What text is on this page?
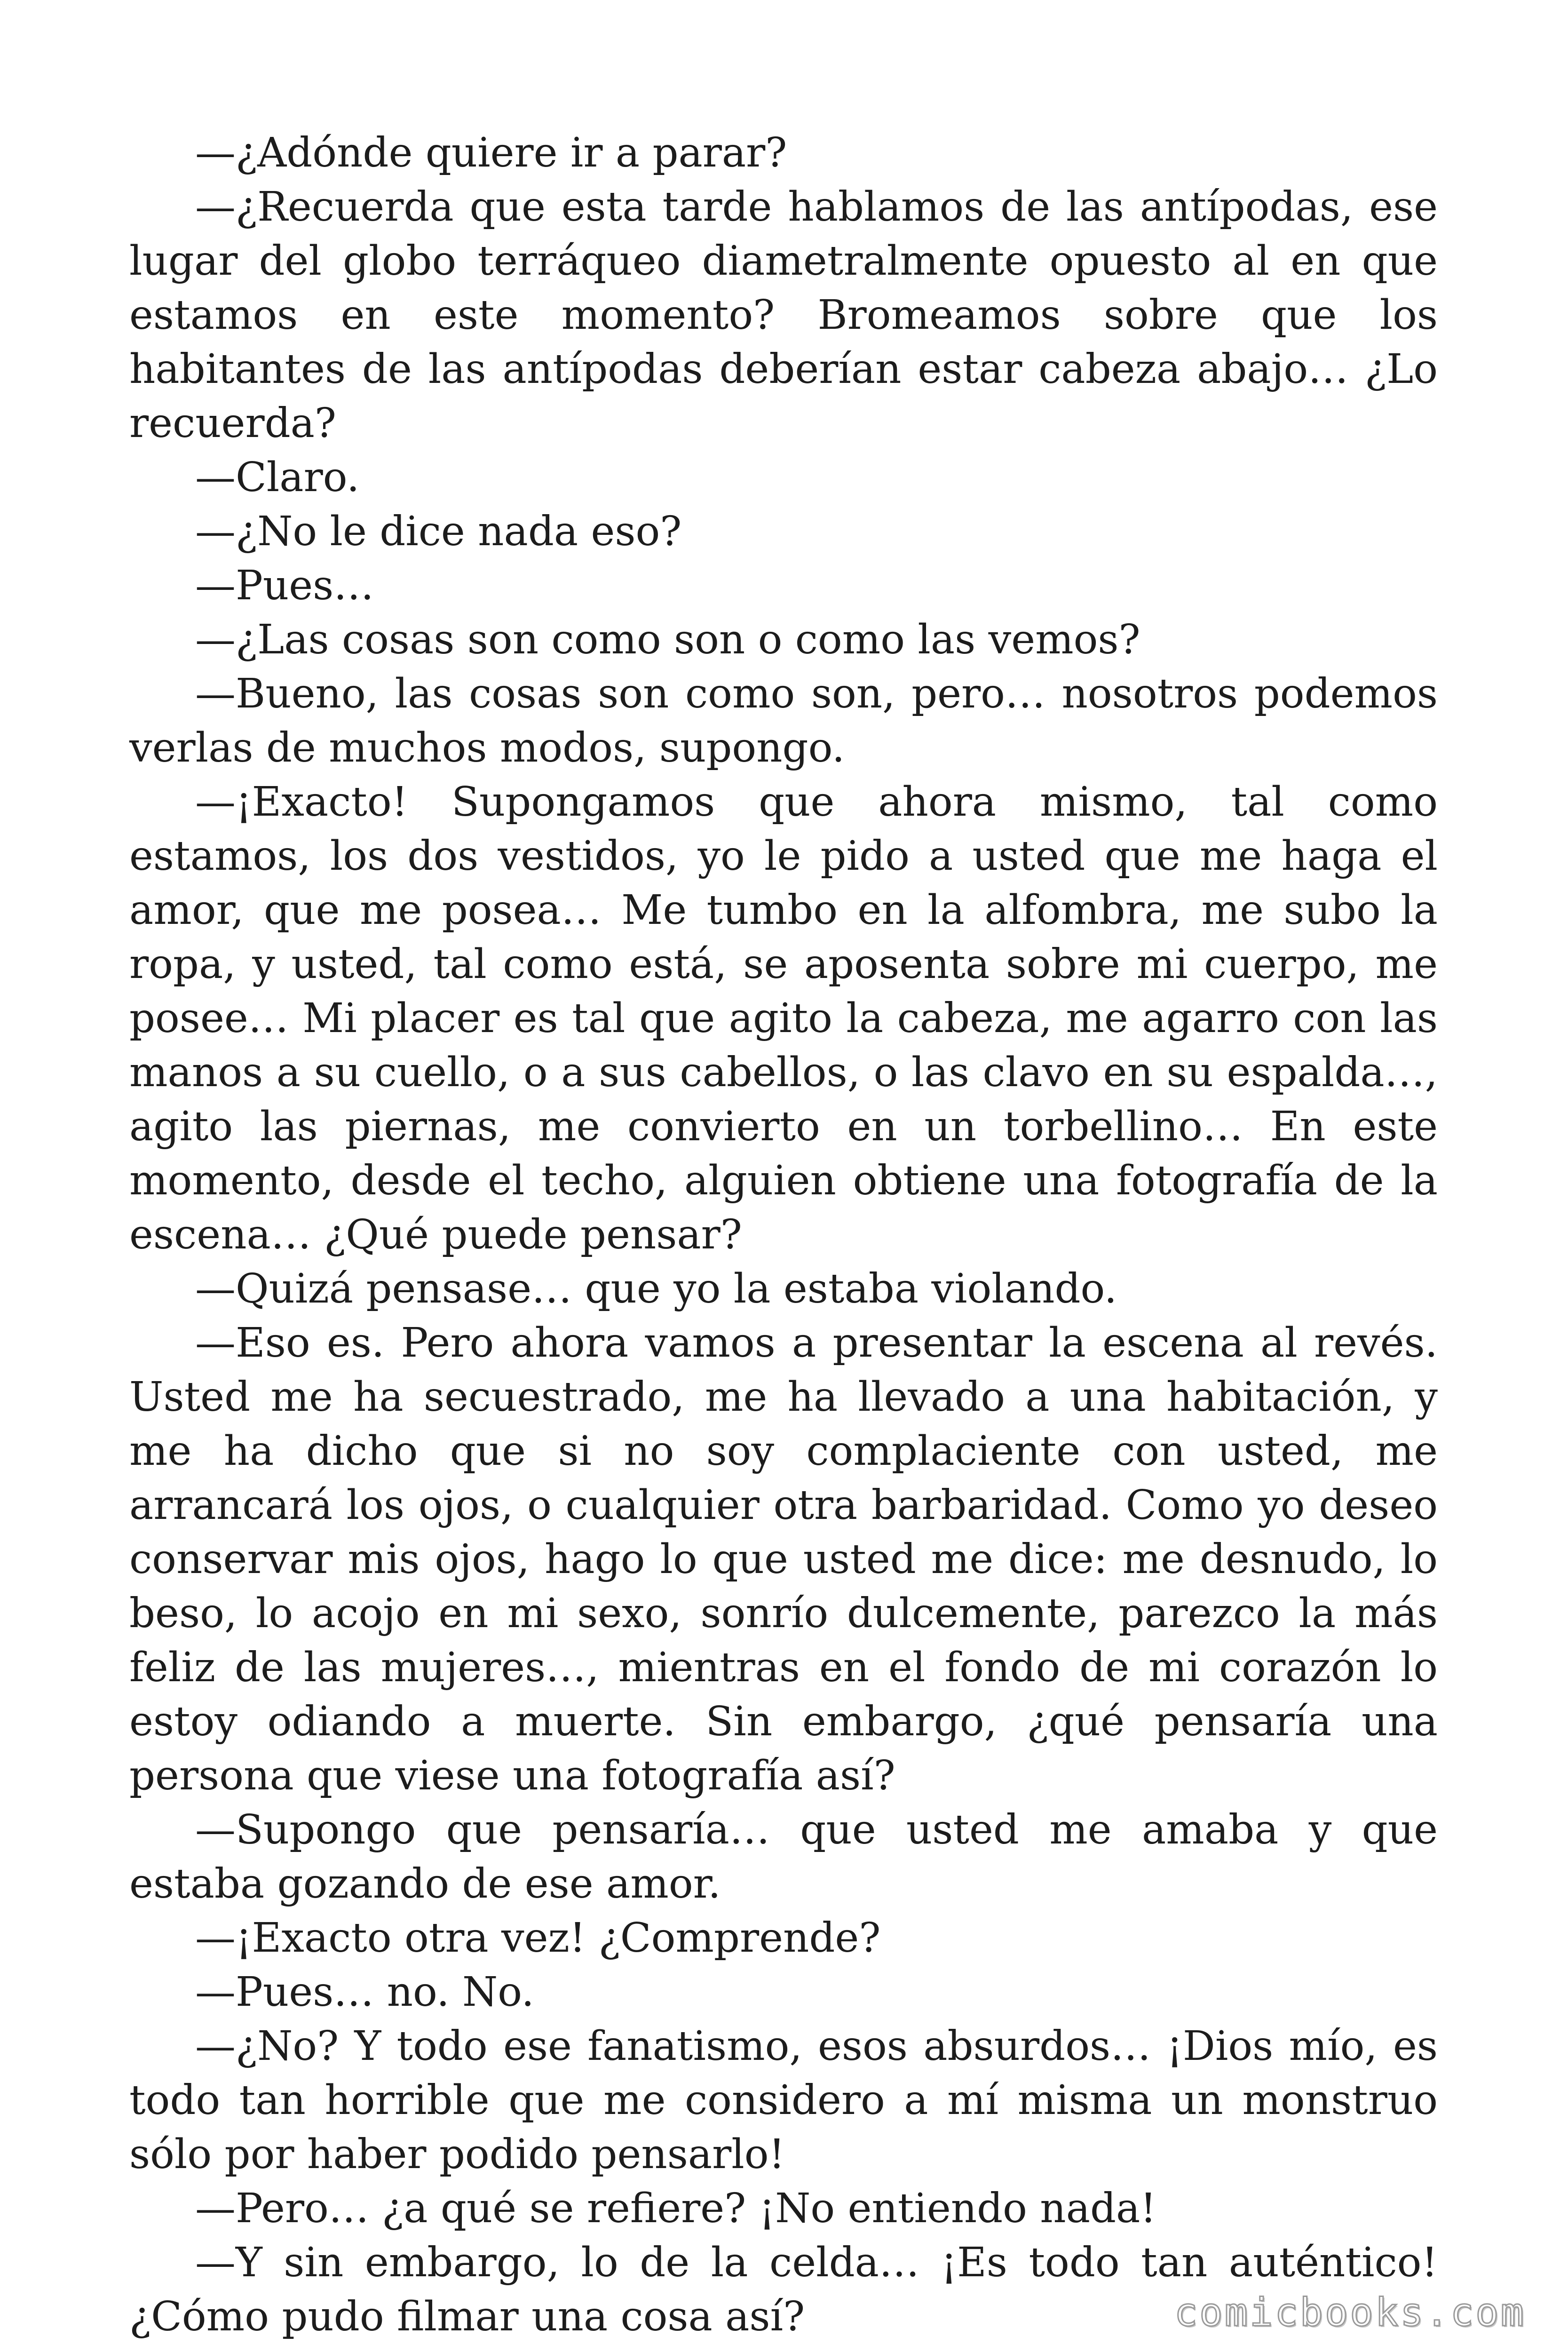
—¿Adónde quiere ir a parar?

—¿Recuerda que esta tarde hablamos de las antípodas, ese lugar del globo terráqueo diametralmente opuesto al en que estamos en este momento? Bromeamos sobre que los habitantes de las antípodas deberían estar cabeza abajo… ¿Lo recuerda?

—Claro.

—¿No le dice nada eso?

—Pues…

—¿Las cosas son como son o como las vemos?

—Bueno, las cosas son como son, pero… nosotros podemos verlas de muchos modos, supongo.

—¡Exacto! Supongamos que ahora mismo, tal como estamos, los dos vestidos, yo le pido a usted que me haga el amor, que me posea… Me tumbo en la alfombra, me subo la ropa, y usted, tal como está, se aposenta sobre mi cuerpo, me posee… Mi placer es tal que agito la cabeza, me agarro con las manos a su cuello, o a sus cabellos, o las clavo en su espalda…, agito las piernas, me convierto en un torbellino… En este momento, desde el techo, alguien obtiene una fotografía de la escena… ¿Qué puede pensar?

—Quizá pensase… que yo la estaba violando.

—Eso es. Pero ahora vamos a presentar la escena al revés. Usted me ha secuestrado, me ha llevado a una habitación, y me ha dicho que si no soy complaciente con usted, me arrancará los ojos, o cualquier otra barbaridad. Como yo deseo conservar mis ojos, hago lo que usted me dice: me desnudo, lo beso, lo acojo en mi sexo, sonrío dulcemente, parezco la más feliz de las mujeres…, mientras en el fondo de mi corazón lo estoy odiando a muerte. Sin embargo, ¿qué pensaría una persona que viese una fotografía así?

—Supongo que pensaría… que usted me amaba y que estaba gozando de ese amor.

—¡Exacto otra vez! ¿Comprende?

—Pues… no. No.

—¿No? Y todo ese fanatismo, esos absurdos… ¡Dios mío, es todo tan horrible que me considero a mí misma un monstruo sólo por haber podido pensarlo!

—Pero… ¿a qué se refiere? ¡No entiendo nada!

—Y sin embargo, lo de la celda… ¡Es todo tan auténtico! ¿Cómo pudo filmar una cosa así?	comicbooks.com
